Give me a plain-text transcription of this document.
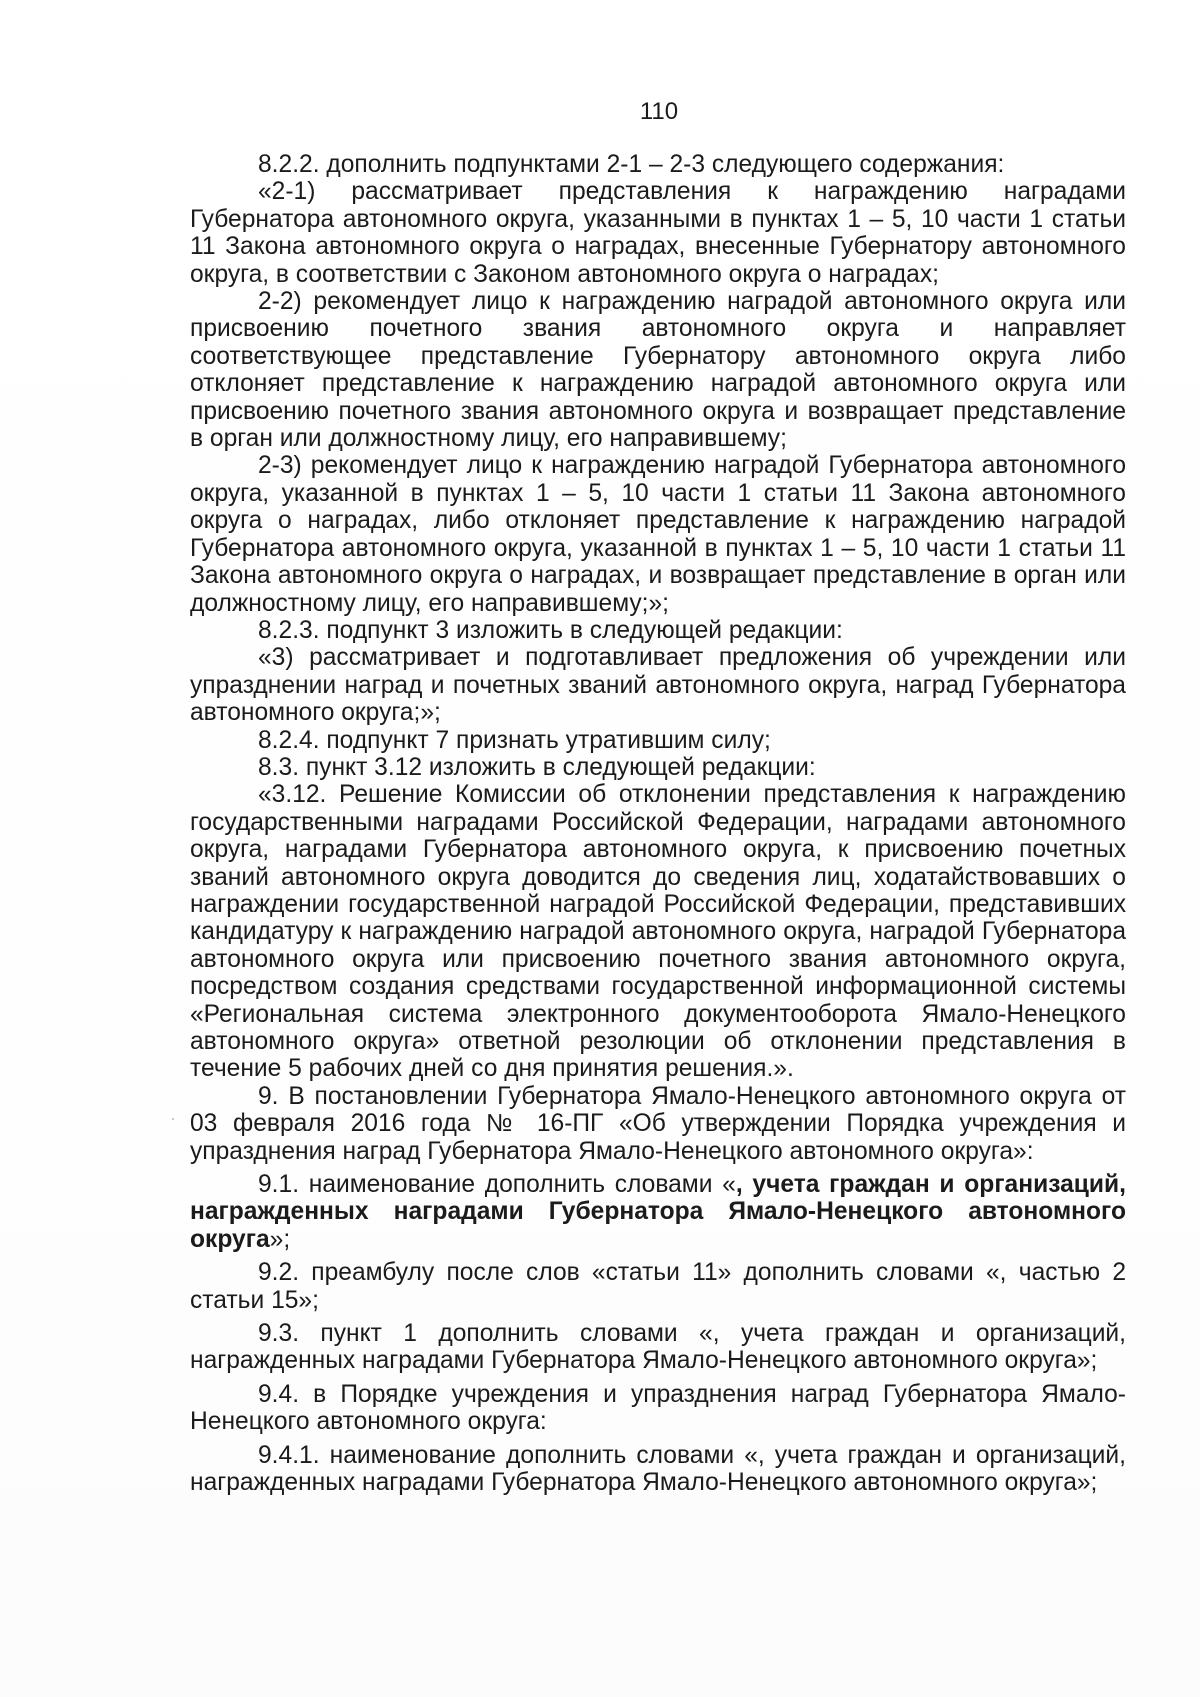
110

8.2.2. дополнить подпунктами 2-1 – 2-3 следующего содержания:

«2-1) рассматривает представления к награждению наградами Губернатора автономного округа, указанными в пунктах 1 – 5, 10 части 1 статьи 11 Закона автономного округа о наградах, внесенные Губернатору автономного округа, в соответствии с Законом автономного округа о наградах;

2-2) рекомендует лицо к награждению наградой автономного округа или присвоению почетного звания автономного округа и направляет соответствующее представление Губернатору автономного округа либо отклоняет представление к награждению наградой автономного округа или присвоению почетного звания автономного округа и возвращает представление в орган или должностному лицу, его направившему;

2-3) рекомендует лицо к награждению наградой Губернатора автономного округа, указанной в пунктах 1 – 5, 10 части 1 статьи 11 Закона автономного округа о наградах, либо отклоняет представление к награждению наградой Губернатора автономного округа, указанной в пунктах 1 – 5, 10 части 1 статьи 11 Закона автономного округа о наградах, и возвращает представление в орган или должностному лицу, его направившему;»;

8.2.3. подпункт 3 изложить в следующей редакции:

«3) рассматривает и подготавливает предложения об учреждении или упразднении наград и почетных званий автономного округа, наград Губернатора автономного округа;»;

8.2.4. подпункт 7 признать утратившим силу;

8.3. пункт 3.12 изложить в следующей редакции:

«3.12. Решение Комиссии об отклонении представления к награждению государственными наградами Российской Федерации, наградами автономного округа, наградами Губернатора автономного округа, к присвоению почетных званий автономного округа доводится до сведения лиц, ходатайствовавших о награждении государственной наградой Российской Федерации, представивших кандидатуру к награждению наградой автономного округа, наградой Губернатора автономного округа или присвоению почетного звания автономного округа, посредством создания средствами государственной информационной системы «Региональная система электронного документооборота Ямало-Ненецкого автономного округа» ответной резолюции об отклонении представления в течение 5 рабочих дней со дня принятия решения.».

9. В постановлении Губернатора Ямало-Ненецкого автономного округа от 03 февраля 2016 года № 16-ПГ «Об утверждении Порядка учреждения и упразднения наград Губернатора Ямало-Ненецкого автономного округа»:

9.1. наименование дополнить словами «, учета граждан и организаций, награжденных наградами Губернатора Ямало-Ненецкого автономного округа»;

9.2. преамбулу после слов «статьи 11» дополнить словами «, частью 2 статьи 15»;

9.3. пункт 1 дополнить словами «, учета граждан и организаций, награжденных наградами Губернатора Ямало-Ненецкого автономного округа»;

9.4. в Порядке учреждения и упразднения наград Губернатора Ямало-Ненецкого автономного округа:

9.4.1. наименование дополнить словами «, учета граждан и организаций, награжденных наградами Губернатора Ямало-Ненецкого автономного округа»;
